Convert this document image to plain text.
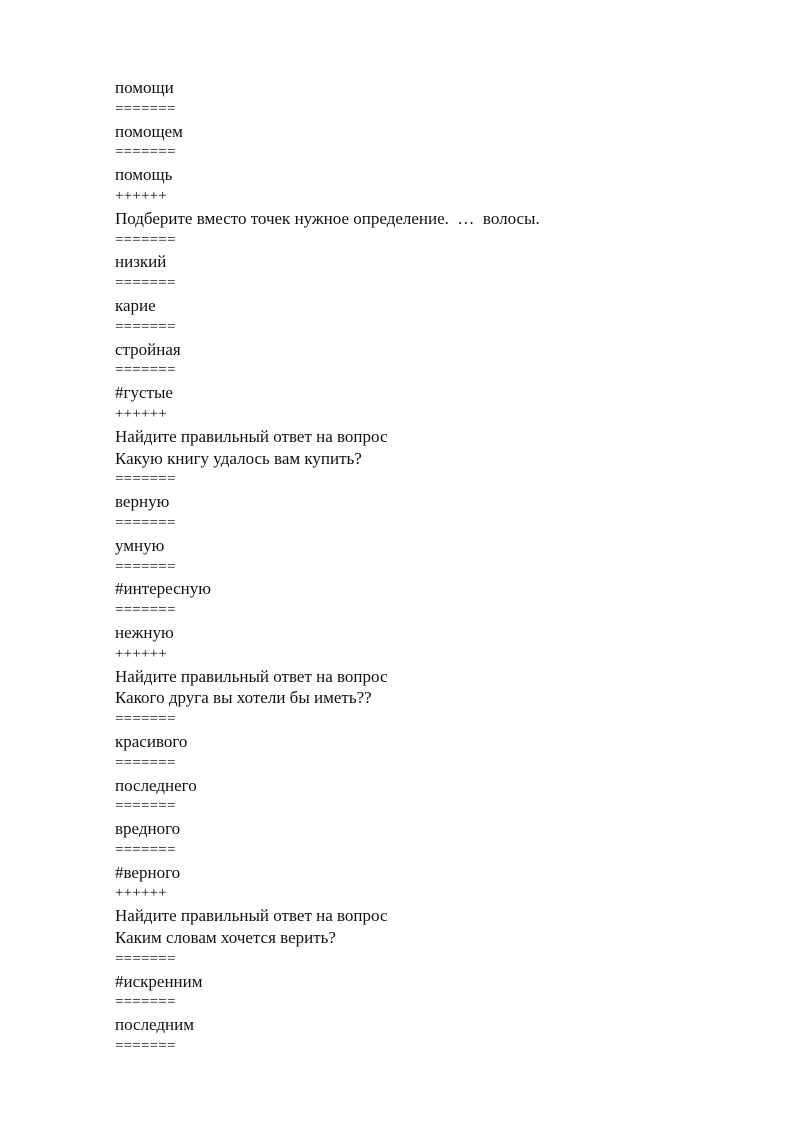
помощи
=======
помощем
=======
помощь
++++++
Подберите вместо точек нужное определение.  …  волосы.
=======
низкий
=======
карие
=======
стройная
=======
#густые
++++++
Найдите правильный ответ на вопрос
Какую книгу удалось вам купить?
=======
верную
=======
умную
=======
#интересную
=======
нежную
++++++
Найдите правильный ответ на вопрос
Какого друга вы хотели бы иметь??
=======
красивого
=======
последнего
=======
вредного
=======
#верного
++++++
Найдите правильный ответ на вопрос
Каким словам хочется верить?
=======
#искренним
=======
последним
=======
